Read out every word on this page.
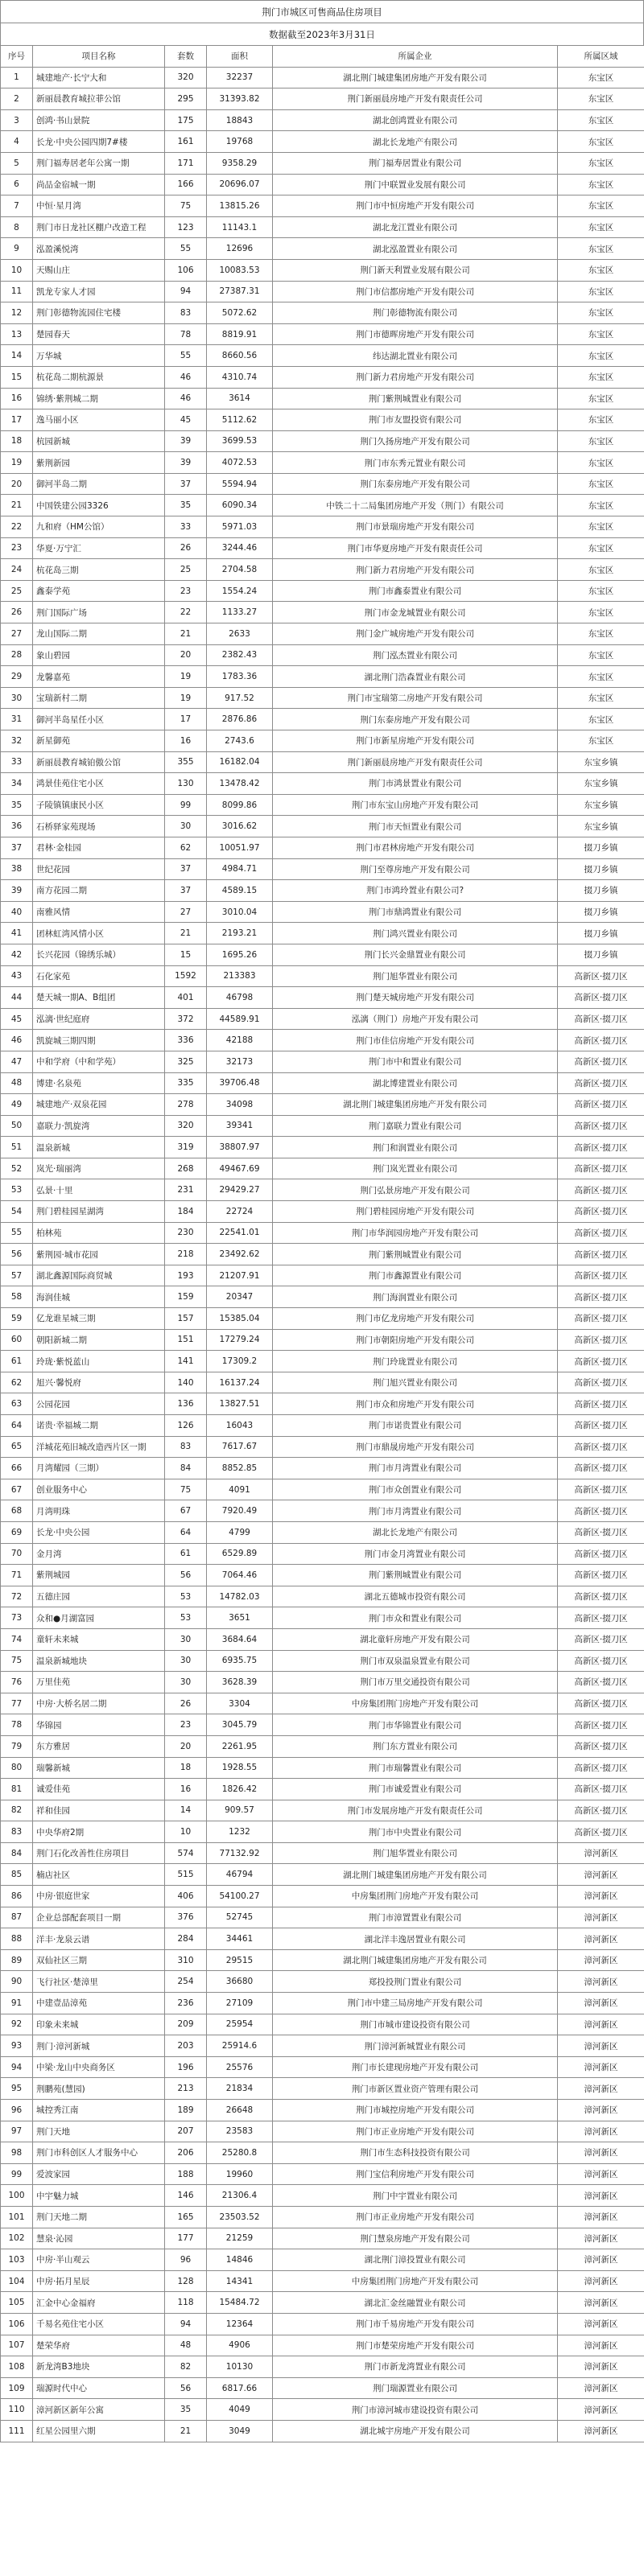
荆门市城区可售商品住房项目
数据截至2023年3月31日
序号	项目名称	套数	面积	所属企业	所属区域
1	城建地产·长宁大和	320	32237	湖北荆门城建集团房地产开发有限公司	东宝区
2	新丽晨教育城拉菲公馆	295	31393.82	荆门新丽晨房地产开发有限责任公司	东宝区
3	创鸿·书山景院	175	18843	湖北创鸿置业有限公司	东宝区
4	长龙·中央公园四期7#楼	161	19768	湖北长龙地产有限公司	东宝区
5	荆门福寿居老年公寓一期	171	9358.29	荆门福寿居置业有限公司	东宝区
6	尚品金宿城一期	166	20696.07	荆门中联置业发展有限公司	东宝区
7	中恒·星月湾	75	13815.26	荆门市中恒房地产开发有限公司	东宝区
8	荆门市日龙社区棚户改造工程	123	11143.1	湖北龙江置业有限公司	东宝区
9	泓盈溪悦湾	55	12696	湖北泓盈置业有限公司	东宝区
10	天赐山庄	106	10083.53	荆门新天利置业发展有限公司	东宝区
11	凯龙专家人才园	94	27387.31	荆门市信都房地产开发有限公司	东宝区
12	荆门彰德物流园住宅楼	83	5072.62	荆门彰德物流有限公司	东宝区
13	楚园春天	78	8819.91	荆门市德晖房地产开发有限公司	东宝区
14	万华城	55	8660.56	纬达湖北置业有限公司	东宝区
15	杭花岛二期杭源景	46	4310.74	荆门新力君房地产开发有限公司	东宝区
16	锦绣·紫荆城二期	46	3614	荆门紫荆城置业有限公司	东宝区
17	逸马丽小区	45	5112.62	荆门市友盟投资有限公司	东宝区
18	杭园新城	39	3699.53	荆门久扬房地产开发有限公司	东宝区
19	紫荆新园	39	4072.53	荆门市东秀元置业有限公司	东宝区
20	御河半岛二期	37	5594.94	荆门东泰房地产开发有限公司	东宝区
21	中国铁建公园3326	35	6090.34	中铁二十二局集团房地产开发（荆门）有限公司	东宝区
22	九和府（HM公馆）	33	5971.03	荆门市景瑞房地产开发有限公司	东宝区
23	华夏·万宁汇	26	3244.46	荆门市华夏房地产开发有限责任公司	东宝区
24	杭花岛三期	25	2704.58	荆门新力君房地产开发有限公司	东宝区
25	鑫泰学苑	23	1554.24	荆门市鑫泰置业有限公司	东宝区
26	荆门国际广场	22	1133.27	荆门市金龙城置业有限公司	东宝区
27	龙山国际二期	21	2633	荆门金广城房地产开发有限公司	东宝区
28	象山碧园	20	2382.43	荆门泓杰置业有限公司	东宝区
29	龙馨嘉苑	19	1783.36	湖北荆门浩森置业有限公司	东宝区
30	宝瑞新村二期	19	917.52	荆门市宝瑞第二房地产开发有限公司	东宝区
31	御河半岛星任小区	17	2876.86	荆门东泰房地产开发有限公司	东宝区
32	新星御苑	16	2743.6	荆门市新星房地产开发有限公司	东宝区
33	新丽晨教育城铂傲公馆	355	16182.04	荆门新丽晨房地产开发有限责任公司	东宝乡镇
34	鸿景佳苑住宅小区	130	13478.42	荆门市鸿景置业有限公司	东宝乡镇
35	子陵镇镇康民小区	99	8099.86	荆门市东宝山房地产开发有限公司	东宝乡镇
36	石桥驿家苑现场	30	3016.62	荆门市天恒置业有限公司	东宝乡镇
37	君林·金桂园	62	10051.97	荆门市君林房地产开发有限公司	掇刀乡镇
38	世纪花园	37	4984.71	荆门至尊房地产开发有限公司	掇刀乡镇
39	南方花园二期	37	4589.15	荆门市鸿玲置业有限公司?	掇刀乡镇
40	南雅风情	27	3010.04	荆门市鼎鸿置业有限公司	掇刀乡镇
41	团林虹湾风情小区	21	2193.21	荆门鸿兴置业有限公司	掇刀乡镇
42	长兴花园（锦绣乐城）	15	1695.26	荆门长兴金鼎置业有限公司	掇刀乡镇
43	石化家苑	1592	213383	荆门旭华置业有限公司	高新区·掇刀区
44	楚天城一期A、B组团	401	46798	荆门楚天城房地产开发有限公司	高新区·掇刀区
45	泓漓·世纪庭府	372	44589.91	泓漓（荆门）房地产开发有限公司	高新区·掇刀区
46	凯旋城三期四期	336	42188	荆门市佳信房地产开发有限公司	高新区·掇刀区
47	中和学府（中和学苑）	325	32173	荆门市中和置业有限公司	高新区·掇刀区
48	博建·名泉苑	335	39706.48	湖北博建置业有限公司	高新区·掇刀区
49	城建地产·双泉花园	278	34098	湖北荆门城建集团房地产开发有限公司	高新区·掇刀区
50	嘉联力·凯旋湾	320	39341	荆门嘉联力置业有限公司	高新区·掇刀区
51	温泉新城	319	38807.97	荆门和润置业有限公司	高新区·掇刀区
52	岚光·瑞丽湾	268	49467.69	荆门岚光置业有限公司	高新区·掇刀区
53	弘景·十里	231	29429.27	荆门弘景房地产开发有限公司	高新区·掇刀区
54	荆门碧桂园星湖湾	184	22724	荆门碧桂园房地产开发有限公司	高新区·掇刀区
55	柏林苑	230	22541.01	荆门市华润园房地产开发有限公司	高新区·掇刀区
56	紫荆园·城市花园	218	23492.62	荆门紫荆城置业有限公司	高新区·掇刀区
57	湖北鑫源国际商贸城	193	21207.91	荆门市鑫源置业有限公司	高新区·掇刀区
58	海润佳城	159	20347	荆门海润置业有限公司	高新区·掇刀区
59	亿龙谁星城三期	157	15385.04	荆门市亿龙房地产开发有限公司	高新区·掇刀区
60	朝阳新城二期	151	17279.24	荆门市朝阳房地产开发有限公司	高新区·掇刀区
61	玲珑·紫悦蓝山	141	17309.2	荆门玲珑置业有限公司	高新区·掇刀区
62	旭兴·馨悦府	140	16137.24	荆门旭兴置业有限公司	高新区·掇刀区
63	公园花园	136	13827.51	荆门市众和房地产开发有限公司	高新区·掇刀区
64	诺贵·幸福城二期	126	16043	荆门市诺贵置业有限公司	高新区·掇刀区
65	洋城花苑旧城改造西片区一期	83	7617.67	荆门市鼎晟房地产开发有限公司	高新区·掇刀区
66	月湾耀园（三期）	84	8852.85	荆门市月湾置业有限公司	高新区·掇刀区
67	创业服务中心	75	4091	荆门市众创置业有限公司	高新区·掇刀区
68	月湾明珠	67	7920.49	荆门市月湾置业有限公司	高新区·掇刀区
69	长龙·中央公园	64	4799	湖北长龙地产有限公司	高新区·掇刀区
70	金月湾	61	6529.89	荆门市金月湾置业有限公司	高新区·掇刀区
71	紫荆城园	56	7064.46	荆门紫荆城置业有限公司	高新区·掇刀区
72	五德庄园	53	14782.03	湖北五德城市投资有限公司	高新区·掇刀区
73	众和●月湖富园	53	3651	荆门市众和置业有限公司	高新区·掇刀区
74	童轩未来城	30	3684.64	湖北童轩房地产开发有限公司	高新区·掇刀区
75	温泉新城地块	30	6935.75	荆门市双泉温泉置业有限公司	高新区·掇刀区
76	万里佳苑	30	3628.39	荆门市万里交通投资有限公司	高新区·掇刀区
77	中房·大桥名居二期	26	3304	中房集团荆门房地产开发有限公司	高新区·掇刀区
78	华锦园	23	3045.79	荆门市华锦置业有限公司	高新区·掇刀区
79	东方雅居	20	2261.95	荆门东方置业有限公司	高新区·掇刀区
80	瑞馨新城	18	1928.55	荆门市瑞馨置业有限公司	高新区·掇刀区
81	诚爱佳苑	16	1826.42	荆门市诚爱置业有限公司	高新区·掇刀区
82	祥和佳园	14	909.57	荆门市发展房地产开发有限责任公司	高新区·掇刀区
83	中央华府2期	10	1232	荆门市中央置业有限公司	高新区·掇刀区
84	荆门石化改善性住房项目	574	77132.92	荆门旭华置业有限公司	漳河新区
85	楠店社区	515	46794	湖北荆门城建集团房地产开发有限公司	漳河新区
86	中房·银庭世家	406	54100.27	中房集团荆门房地产开发有限公司	漳河新区
87	企业总部配套项目一期	376	52745	荆门市漳置置业有限公司	漳河新区
88	洋丰·龙泉云谱	284	34461	湖北洋丰逸居置业有限公司	漳河新区
89	双仙社区三期	310	29515	湖北荆门城建集团房地产开发有限公司	漳河新区
90	飞行社区·楚漳里	254	36680	郑投投荆门置业有限公司	漳河新区
91	中建壹品漳苑	236	27109	荆门市中建三局房地产开发有限公司	漳河新区
92	印象未来城	209	25954	荆门市城市建设投资有限公司	漳河新区
93	荆门·漳河新城	203	25914.6	荆门漳河新城置业有限公司	漳河新区
94	中梁·龙山中央商务区	196	25576	荆门市长建现房地产开发有限公司	漳河新区
95	荆鹏苑(慧园)	213	21834	荆门市新区置业资产管理有限公司	漳河新区
96	城控秀江南	189	26648	荆门市城控房地产开发有限公司	漳河新区
97	荆门天地	207	23583	荆门市正业房地产开发有限公司	漳河新区
98	荆门市科创区人才服务中心	206	25280.8	荆门市生态科技投资有限公司	漳河新区
99	爱波家园	188	19960	荆门宝信利房地产开发有限公司	漳河新区
100	中宇魅力城	146	21306.4	荆门中宇置业有限公司	漳河新区
101	荆门天地二期	165	23503.52	荆门市正业房地产开发有限公司	漳河新区
102	慧泉·沁园	177	21259	荆门慧泉房地产开发有限公司	漳河新区
103	中房·半山观云	96	14846	湖北荆门漳投置业有限公司	漳河新区
104	中房·拓月星辰	128	14341	中房集团荆门房地产开发有限公司	漳河新区
105	汇金中心金福府	118	15484.72	湖北汇金丝融置业有限公司	漳河新区
106	千易名苑住宅小区	94	12364	荆门市千易房地产开发有限公司	漳河新区
107	楚荣华府	48	4906	荆门市楚荣房地产开发有限公司	漳河新区
108	新龙湾B3地块	82	10130	荆门市新龙湾置业有限公司	漳河新区
109	瑞源时代中心	56	6817.66	荆门瑞源置业有限公司	漳河新区
110	漳河新区新年公寓	35	4049	荆门市漳河城市建设投资有限公司	漳河新区
111	红星公园里六期	21	3049	湖北城宇房地产开发有限公司	漳河新区
